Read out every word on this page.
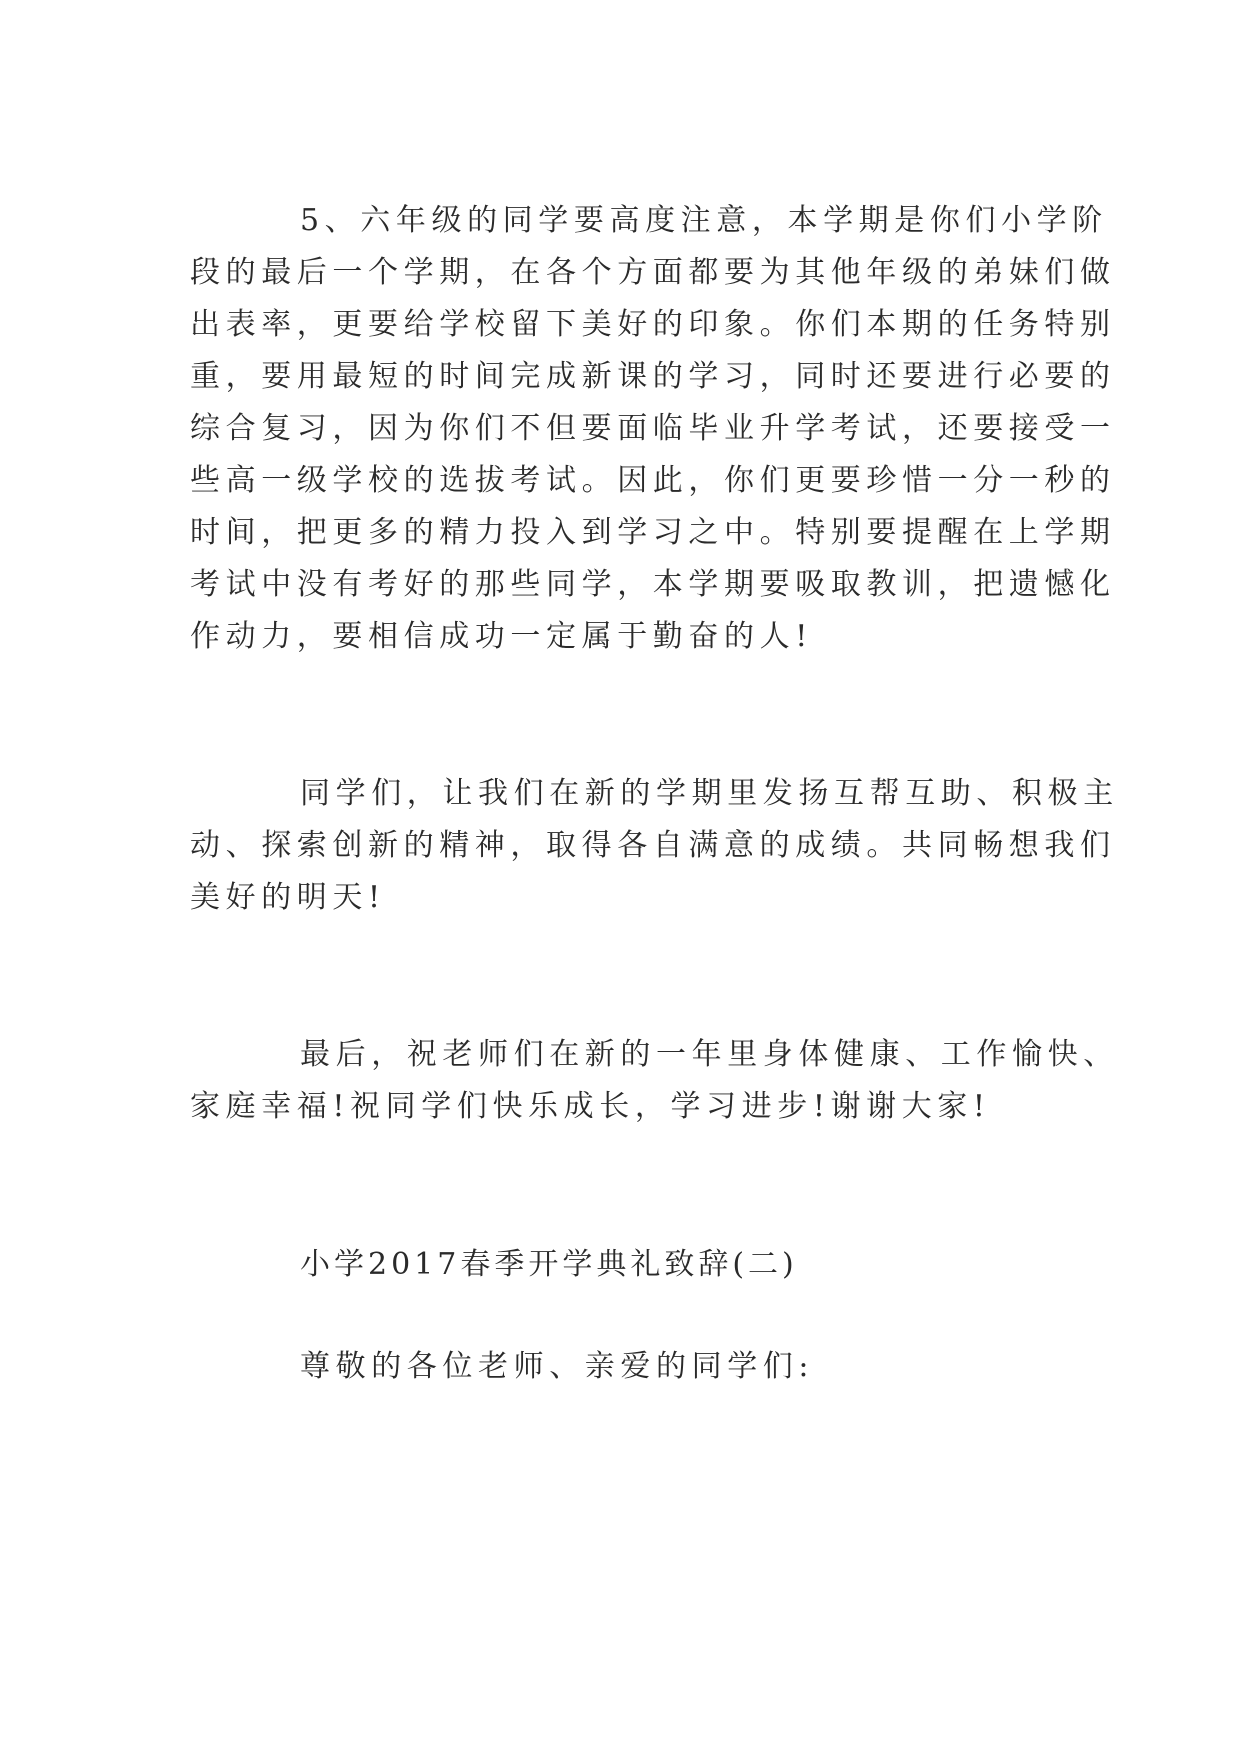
5、六年级的同学要高度注意，本学期是你们小学阶
段的最后一个学期，在各个方面都要为其他年级的弟妹们做
出表率，更要给学校留下美好的印象。你们本期的任务特别
重，要用最短的时间完成新课的学习，同时还要进行必要的
综合复习，因为你们不但要面临毕业升学考试，还要接受一
些高一级学校的选拔考试。因此，你们更要珍惜一分一秒的
时间，把更多的精力投入到学习之中。特别要提醒在上学期
考试中没有考好的那些同学，本学期要吸取教训，把遗憾化
作动力，要相信成功一定属于勤奋的人!
同学们，让我们在新的学期里发扬互帮互助、积极主
动、探索创新的精神，取得各自满意的成绩。共同畅想我们
美好的明天!
最后，祝老师们在新的一年里身体健康、工作愉快、
家庭幸福!祝同学们快乐成长，学习进步!谢谢大家!
小学2017春季开学典礼致辞(二)
尊敬的各位老师、亲爱的同学们:
